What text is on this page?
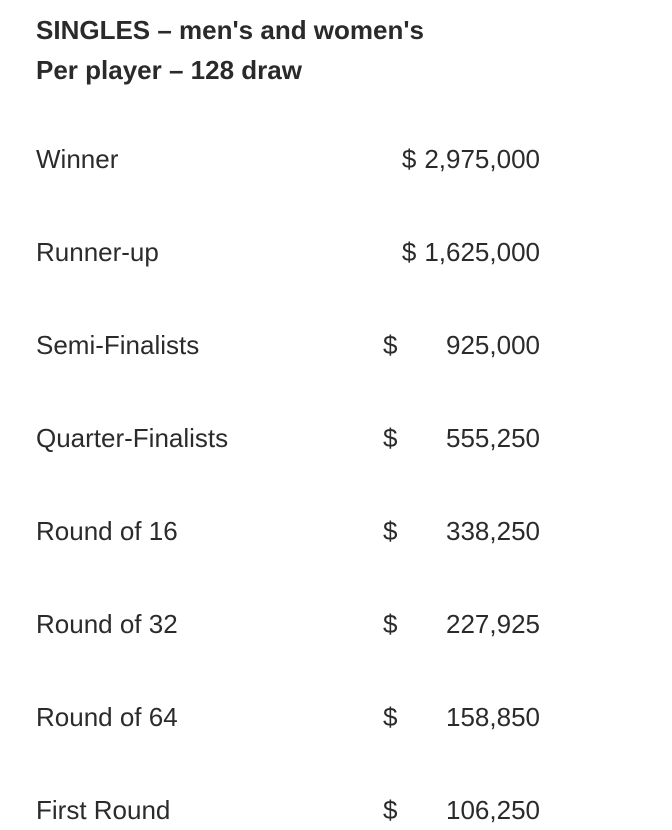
SINGLES – men's and women's
Per player – 128 draw
Winner	$ 2,975,000
Runner-up	$ 1,625,000
Semi-Finalists	$ 925,000
Quarter-Finalists	$ 555,250
Round of 16	$ 338,250
Round of 32	$ 227,925
Round of 64	$ 158,850
First Round	$ 106,250
